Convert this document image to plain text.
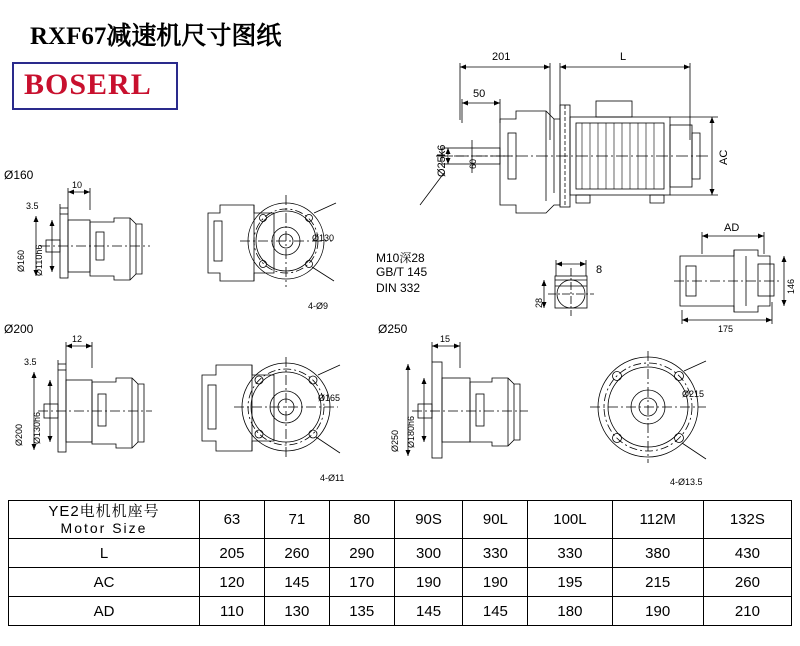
RXF67减速机尺寸图纸
BOSERL
201	L
50
Ø25k6 60	AC
M10深28
GB/T 145
DIN 332
8
28
AD
146
175
Ø160
10
3.5
Ø160 Ø110h6
Ø130
4-Ø9
Ø200
12
3.5
Ø200 Ø130h6
Ø165
4-Ø11
Ø250
15
Ø250 Ø180h6
Ø215
4-Ø13.5
YE2电机机座号
Motor Size	63	71	80	90S	90L	100L	112M	132S
L	205	260	290	300	330	330	380	430
AC	120	145	170	190	190	195	215	260
AD	110	130	135	145	145	180	190	210
